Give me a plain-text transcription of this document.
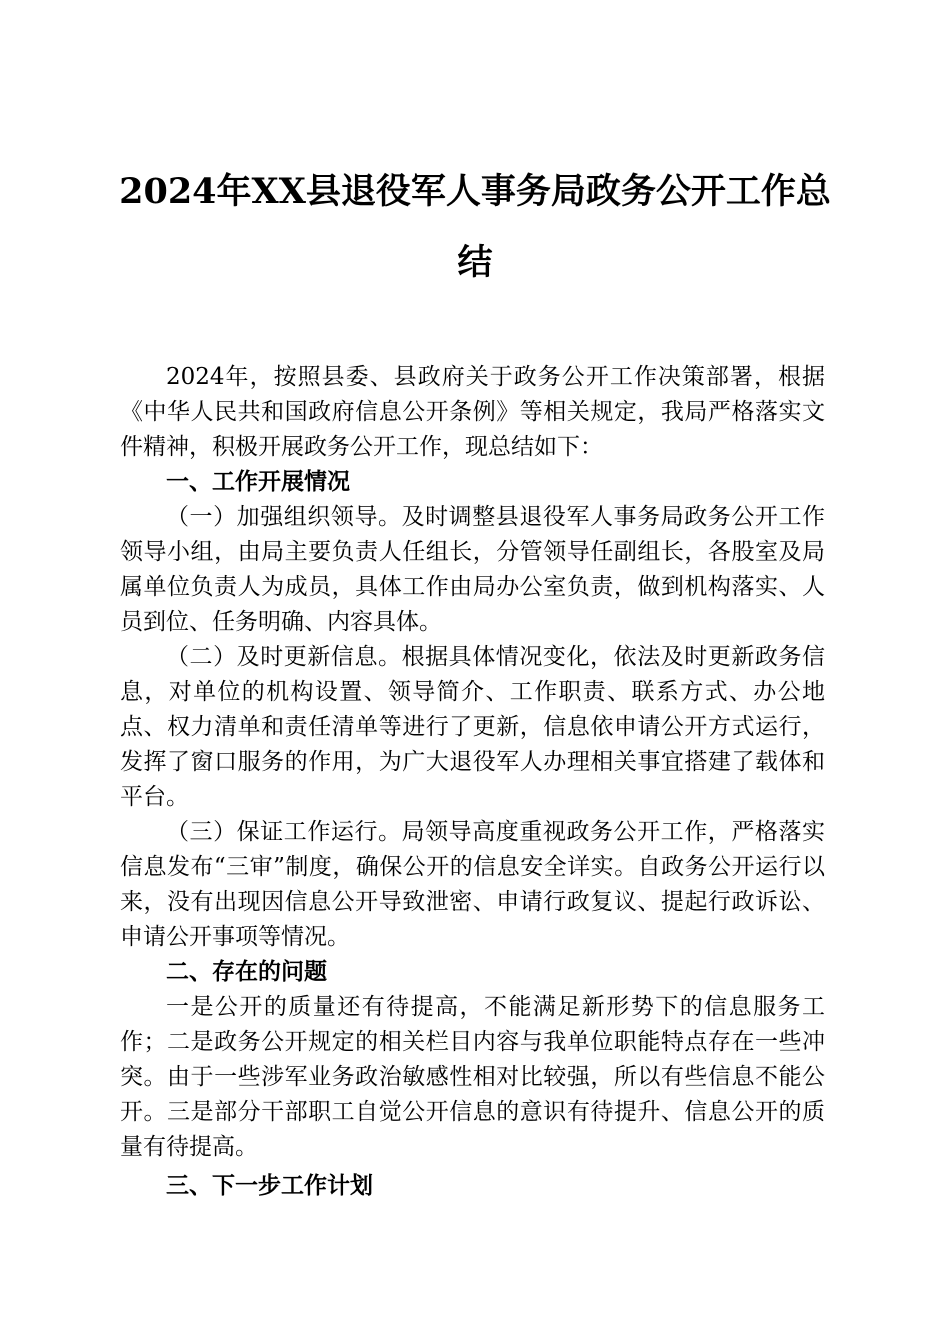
2024年XX县退役军人事务局政务公开工作总
结

2024年，按照县委、县政府关于政务公开工作决策部署，根据《中华人民共和国政府信息公开条例》等相关规定，我局严格落实文件精神，积极开展政务公开工作，现总结如下：

一、工作开展情况

（一）加强组织领导。及时调整县退役军人事务局政务公开工作领导小组，由局主要负责人任组长，分管领导任副组长，各股室及局属单位负责人为成员，具体工作由局办公室负责，做到机构落实、人员到位、任务明确、内容具体。

（二）及时更新信息。根据具体情况变化，依法及时更新政务信息，对单位的机构设置、领导简介、工作职责、联系方式、办公地点、权力清单和责任清单等进行了更新，信息依申请公开方式运行，发挥了窗口服务的作用，为广大退役军人办理相关事宜搭建了载体和平台。

（三）保证工作运行。局领导高度重视政务公开工作，严格落实信息发布“三审”制度，确保公开的信息安全详实。自政务公开运行以来，没有出现因信息公开导致泄密、申请行政复议、提起行政诉讼、申请公开事项等情况。

二、存在的问题

一是公开的质量还有待提高，不能满足新形势下的信息服务工作；二是政务公开规定的相关栏目内容与我单位职能特点存在一些冲突。由于一些涉军业务政治敏感性相对比较强，所以有些信息不能公开。三是部分干部职工自觉公开信息的意识有待提升、信息公开的质量有待提高。

三、下一步工作计划
